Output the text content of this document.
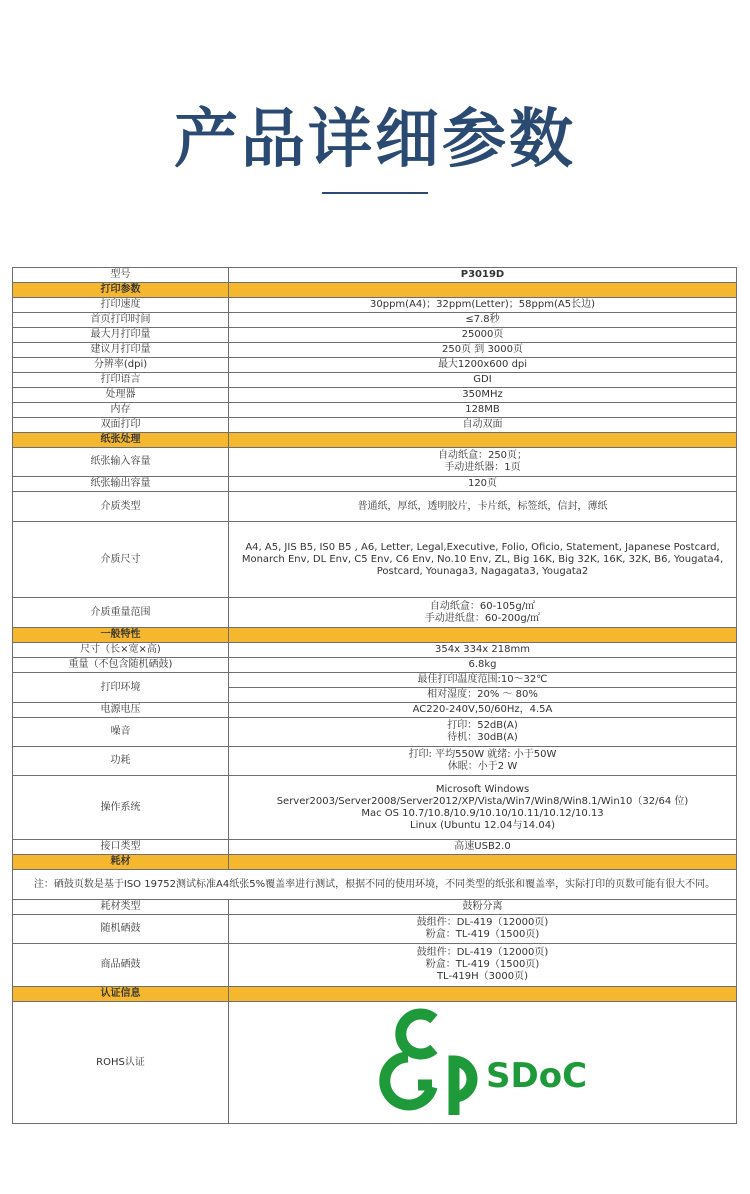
产品详细参数
型号	P3019D
打印参数	
打印速度	30ppm(A4)；32ppm(Letter)；58ppm(A5长边)
首页打印时间	≤7.8秒
最大月打印量	25000页
建议月打印量	250页 到 3000页
分辨率(dpi)	最大1200x600 dpi
打印语言	GDI
处理器	350MHz
内存	128MB
双面打印	自动双面
纸张处理	
纸张输入容量	自动纸盒：250页；
手动进纸器：1页
纸张输出容量	120页
介质类型	普通纸，厚纸，透明胶片，卡片纸，标签纸，信封，薄纸
介质尺寸	A4, A5, JIS B5, IS0 B5 , A6, Letter, Legal,Executive, Folio, Oficio, Statement, Japanese Postcard, Monarch Env, DL Env, C5 Env, C6 Env, No.10 Env, ZL, Big 16K, Big 32K, 16K, 32K, B6, Yougata4, Postcard, Younaga3, Nagagata3, Yougata2
介质重量范围	自动纸盒：60-105g/㎡
手动进纸盘：60-200g/㎡
一般特性	
尺寸（长×宽×高)	354x 334x 218mm
重量（不包含随机硒鼓)	6.8kg
打印环境	最佳打印温度范围:10～32℃
	相对湿度：20% ～ 80%
电源电压	AC220-240V,50/60Hz，4.5A
噪音	打印：52dB(A)
待机：30dB(A)
功耗	打印: 平均550W 就绪: 小于50W
休眠：小于2 W
操作系统	Microsoft Windows
Server2003/Server2008/Server2012/XP/Vista/Win7/Win8/Win8.1/Win10（32/64 位)
Mac OS 10.7/10.8/10.9/10.10/10.11/10.12/10.13
Linux (Ubuntu 12.04与14.04)
接口类型	高速USB2.0
耗材	
注：硒鼓页数是基于ISO 19752测试标准A4纸张5%覆盖率进行测试，根据不同的使用环境，不同类型的纸张和覆盖率，实际打印的页数可能有很大不同。	
耗材类型	鼓粉分离
随机硒鼓	鼓组件：DL-419（12000页)
粉盒：TL-419（1500页)
商品硒鼓	鼓组件：DL-419（12000页)
粉盒：TL-419（1500页)
TL-419H（3000页)
认证信息	
ROHS认证	SDoC
